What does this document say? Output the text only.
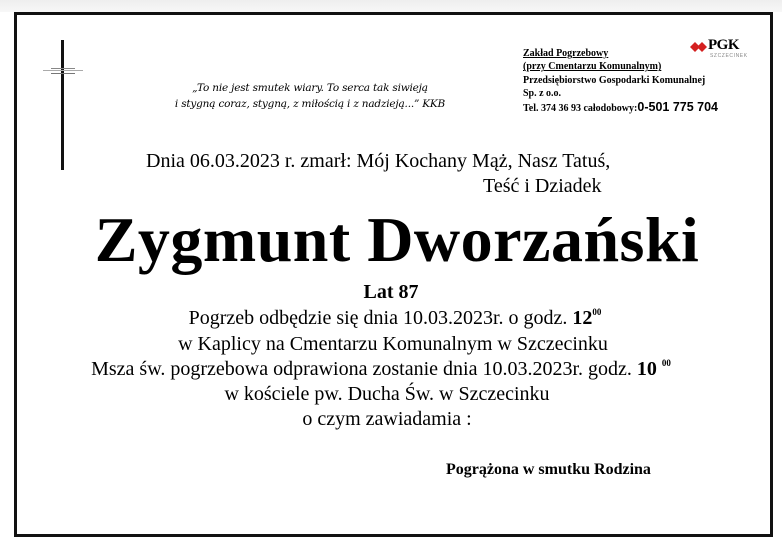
„To nie jest smutek wiary. To serca tak siwieją
i stygną coraz, stygną, z miłością i z nadzieją...” KKB
PGK
SZCZECINEK
Zakład Pogrzebowy
(przy Cmentarzu Komunalnym)
Przedsiębiorstwo Gospodarki Komunalnej
Sp. z o.o.
Tel. 374 36 93 całodobowy:0-501 775 704
Dnia 06.03.2023 r. zmarł: Mój Kochany Mąż, Nasz Tatuś,
Teść i Dziadek
Zygmunt Dworzański
Lat 87
Pogrzeb odbędzie się dnia 10.03.2023r. o godz. $12^{00}$
w Kaplicy na Cmentarzu Komunalnym w Szczecinku
Msza św. pogrzebowa odprawiona zostanie dnia 10.03.2023r. godz. 10 $^{00}$
w kościele pw. Ducha Św. w Szczecinku
o czym zawiadamia :
Pogrążona w smutku Rodzina
